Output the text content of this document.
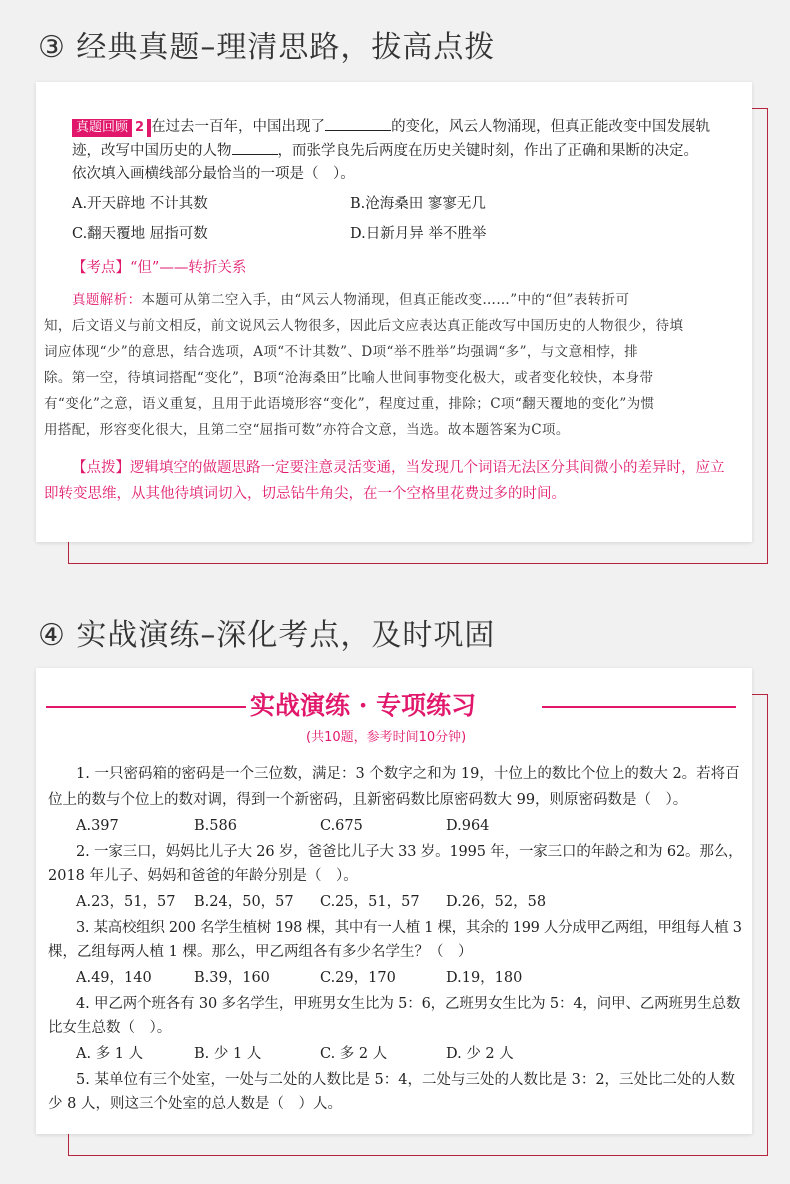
③ 经典真题–理清思路，拔高点拨
真题回顾 2 在过去一百年，中国出现了	的变化，风云人物涌现，但真正能改变中国发展轨
迹，改写中国历史的人物	，而张学良先后两度在历史关键时刻，作出了正确和果断的决定。
依次填入画横线部分最恰当的一项是（　）。
A.开天辟地 不计其数	B.沧海桑田 寥寥无几
C.翻天覆地 屈指可数	D.日新月异 举不胜举
【考点】“但”——转折关系
真题解析：本题可从第二空入手，由“风云人物涌现，但真正能改变……”中的“但”表转折可
知，后文语义与前文相反，前文说风云人物很多，因此后文应表达真正能改写中国历史的人物很少，待填
词应体现“少”的意思，结合选项，A项“不计其数”、D项“举不胜举”均强调“多”，与文意相悖，排
除。第一空，待填词搭配“变化”，B项“沧海桑田”比喻人世间事物变化极大，或者变化较快，本身带
有“变化”之意，语义重复，且用于此语境形容“变化”，程度过重，排除；C项“翻天覆地的变化”为惯
用搭配，形容变化很大，且第二空“屈指可数”亦符合文意，当选。故本题答案为C项。
【点拨】逻辑填空的做题思路一定要注意灵活变通，当发现几个词语无法区分其间微小的差异时，应立
即转变思维，从其他待填词切入，切忌钻牛角尖，在一个空格里花费过多的时间。
④ 实战演练–深化考点，及时巩固
实战演练 · 专项练习
(共10题，参考时间10分钟)
1. 一只密码箱的密码是一个三位数，满足：3 个数字之和为 19，十位上的数比个位上的数大 2。若将百
位上的数与个位上的数对调，得到一个新密码，且新密码数比原密码数大 99，则原密码数是（　）。
A.397	B.586	C.675	D.964
2. 一家三口，妈妈比儿子大 26 岁，爸爸比儿子大 33 岁。1995 年，一家三口的年龄之和为 62。那么，
2018 年儿子、妈妈和爸爸的年龄分别是（　）。
A.23，51，57 B.24，50，57 C.25，51，57 D.26，52，58
3. 某高校组织 200 名学生植树 198 棵，其中有一人植 1 棵，其余的 199 人分成甲乙两组，甲组每人植 3
棵，乙组每两人植 1 棵。那么，甲乙两组各有多少名学生？（　）
A.49，140	B.39，160	C.29，170	D.19，180
4. 甲乙两个班各有 30 多名学生，甲班男女生比为 5：6，乙班男女生比为 5：4，问甲、乙两班男生总数
比女生总数（　）。
A. 多 1 人	B. 少 1 人	C. 多 2 人	D. 少 2 人
5. 某单位有三个处室，一处与二处的人数比是 5：4，二处与三处的人数比是 3：2，三处比二处的人数
少 8 人，则这三个处室的总人数是（　）人。
